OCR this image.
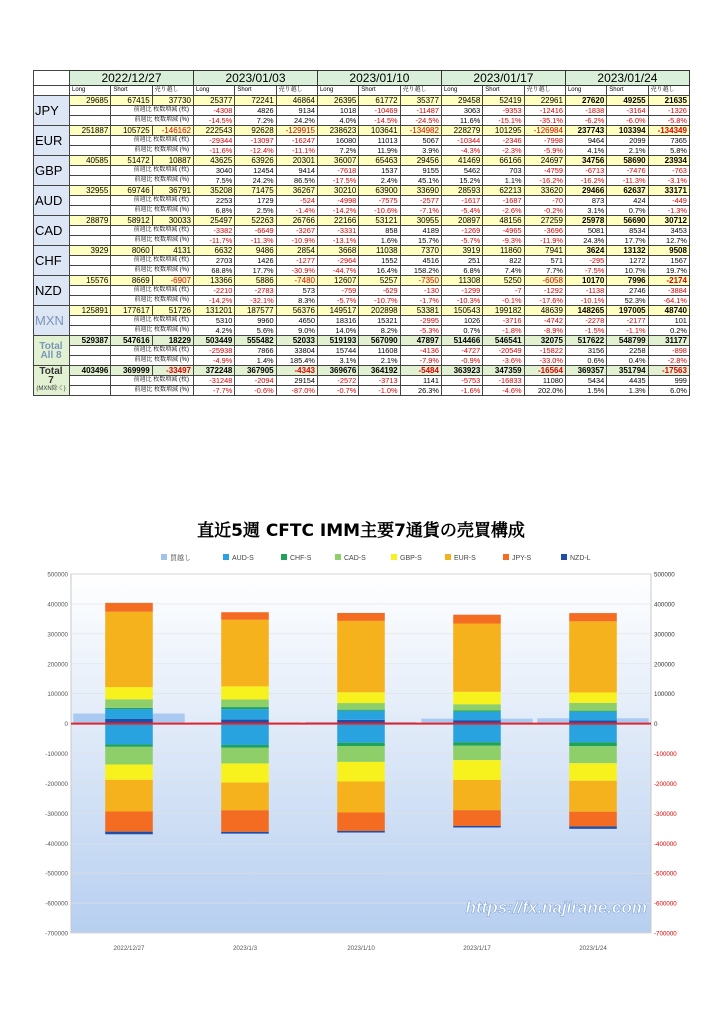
	2022/12/27			2023/01/03			2023/01/10			2023/01/17			2023/01/24		
	Long	Short	売り越し	Long	Short	売り越し	Long	Short	売り越し	Long	Short	売り越し	Long	Short	売り越し
JPY	29685	67415	37730	25377	72241	46864	26395	61772	35377	29458	52419	22961	27620	49255	21635
		前週比 枚数増減 (枚)		-4308	4826	9134	1018	-10469	-11487	3063	-9353	-12416	-1838	-3164	-1326
		前週比 枚数増減 (%)		-14.5%	7.2%	24.2%	4.0%	-14.5%	-24.5%	11.6%	-15.1%	-35.1%	-6.2%	-6.0%	-5.8%
EUR	251887	105725	-146162	222543	92628	-129915	238623	103641	-134982	228279	101295	-126984	237743	103394	-134349
		前週比 枚数増減 (枚)		-29344	-13097	-16247	16080	11013	5067	-10344	-2346	-7998	9464	2099	7365
		前週比 枚数増減 (%)		-11.6%	-12.4%	-11.1%	7.2%	11.9%	3.9%	-4.3%	-2.3%	-5.9%	4.1%	2.1%	5.8%
GBP	40585	51472	10887	43625	63926	20301	36007	65463	29456	41469	66166	24697	34756	58690	23934
		前週比 枚数増減 (枚)		3040	12454	9414	-7618	1537	9155	5462	703	-4759	-6713	-7476	-763
		前週比 枚数増減 (%)		7.5%	24.2%	86.5%	-17.5%	2.4%	45.1%	15.2%	1.1%	-16.2%	-16.2%	-11.3%	-3.1%
AUD	32955	69746	36791	35208	71475	36267	30210	63900	33690	28593	62213	33620	29466	62637	33171
		前週比 枚数増減 (枚)		2253	1729	-524	-4998	-7575	-2577	-1617	-1687	-70	873	424	-449
		前週比 枚数増減 (%)		6.8%	2.5%	-1.4%	-14.2%	-10.6%	-7.1%	-5.4%	-2.6%	-0.2%	3.1%	0.7%	-1.3%
CAD	28879	58912	30033	25497	52263	26766	22166	53121	30955	20897	48156	27259	25978	56690	30712
		前週比 枚数増減 (枚)		-3382	-6649	-3267	-3331	858	4189	-1269	-4965	-3696	5081	8534	3453
		前週比 枚数増減 (%)		-11.7%	-11.3%	-10.9%	-13.1%	1.6%	15.7%	-5.7%	-9.3%	-11.9%	24.3%	17.7%	12.7%
CHF	3929	8060	4131	6632	9486	2854	3668	11038	7370	3919	11860	7941	3624	13132	9508
		前週比 枚数増減 (枚)		2703	1426	-1277	-2964	1552	4516	251	822	571	-295	1272	1567
		前週比 枚数増減 (%)		68.8%	17.7%	-30.9%	-44.7%	16.4%	158.2%	6.8%	7.4%	7.7%	-7.5%	10.7%	19.7%
NZD	15576	8669	-6907	13366	5886	-7480	12607	5257	-7350	11308	5250	-6058	10170	7996	-2174
		前週比 枚数増減 (枚)		-2210	-2783	573	-759	-629	-130	-1299	-7	-1292	-1138	2746	-3884
		前週比 枚数増減 (%)		-14.2%	-32.1%	8.3%	-5.7%	-10.7%	-1.7%	-10.3%	-0.1%	-17.6%	-10.1%	52.3%	-64.1%
MXN	125891	177617	51726	131201	187577	56376	149517	202898	53381	150543	199182	48639	148265	197005	48740
		前週比 枚数増減 (枚)		5310	9960	4650	18316	15321	-2995	1026	-3716	-4742	-2278	-2177	101
		前週比 枚数増減 (%)		4.2%	5.6%	9.0%	14.0%	8.2%	-5.3%	0.7%	-1.8%	-8.9%	-1.5%	-1.1%	0.2%
Total
All 8	529387	547616	18229	503449	555482	52033	519193	567090	47897	514466	546541	32075	517622	548799	31177
		前週比 枚数増減 (枚)		-25938	7866	33804	15744	11608	-4136	-4727	-20549	-15822	3156	2258	-898
		前週比 枚数増減 (%)		-4.9%	1.4%	185.4%	3.1%	2.1%	-7.9%	-0.9%	-3.6%	-33.0%	0.6%	0.4%	-2.8%
Total
7
(MXN除く)	403496	369999	-33497	372248	367905	-4343	369676	364192	-5484	363923	347359	-16564	369357	351794	-17563
		前週比 枚数増減 (枚)		-31248	-2094	29154	-2572	-3713	1141	-5753	-16833	11080	5434	4435	999
		前週比 枚数増減 (%)		-7.7%	-0.6%	-87.0%	-0.7%	-1.0%	26.3%	-1.6%	-4.6%	202.0%	1.5%	1.3%	6.0%
直近5週 CFTC IMM主要7通貨の売買構成
500000
400000
300000
200000
100000
0
-100000
-200000
-300000
-400000
-500000
-600000
-700000
500000
400000
300000
200000
100000
0
-100000
-200000
-300000
-400000
-500000
-600000
-700000
買越し	AUD-S	CHF-S	CAD-S	GBP-S	EUR-S	JPY-S	NZD-L
2022/12/27	2023/1/3	2023/1/10	2023/1/17	2023/1/24
https://fx.najirane.com
